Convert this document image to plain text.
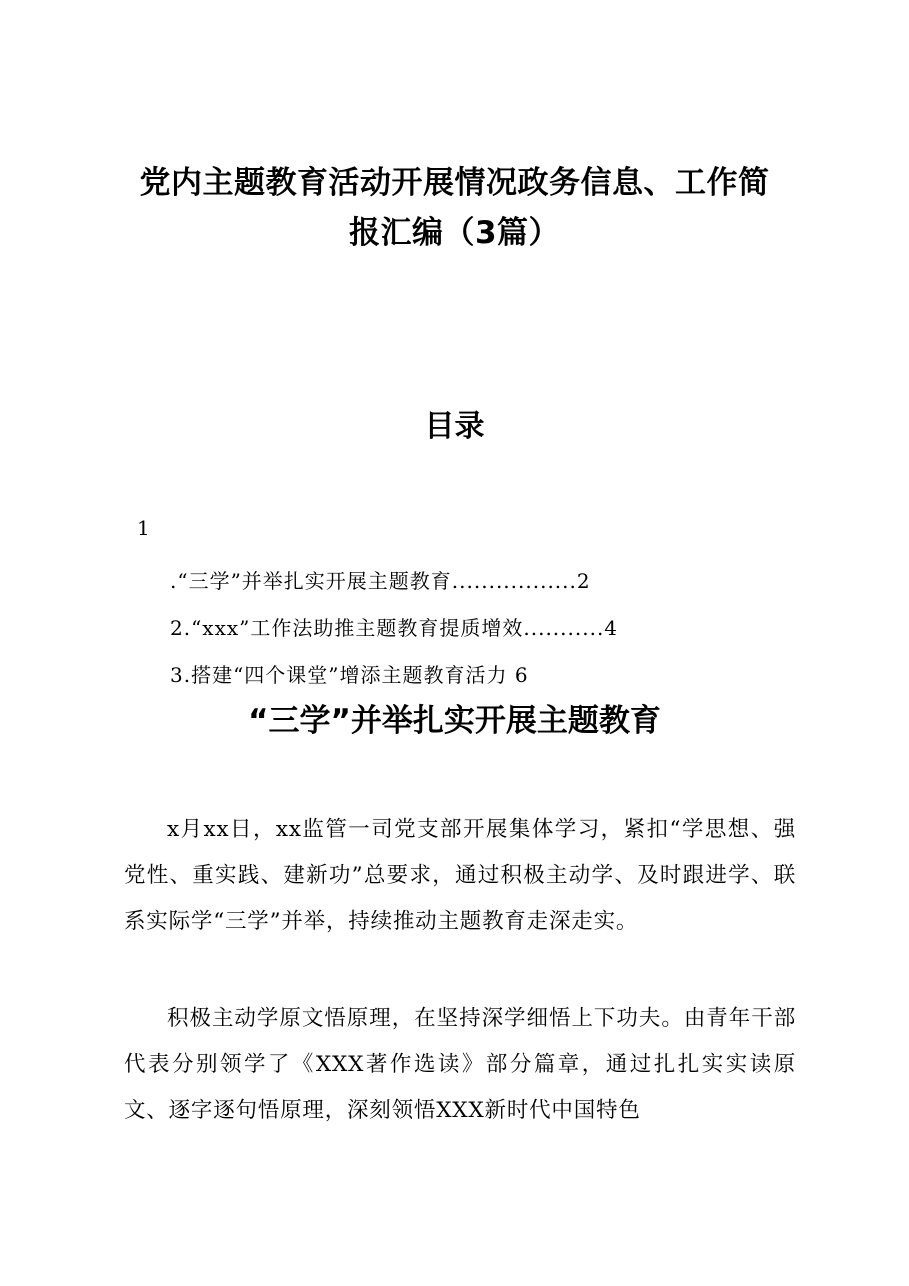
党内主题教育活动开展情况政务信息、工作简
报汇编（3篇）
目录
1
.“三学”并举扎实开展主题教育.................2
2.“xxx”工作法助推主题教育提质增效...........4
3.搭建“四个课堂”增添主题教育活力 6
“三学”并举扎实开展主题教育

x月xx日，xx监管一司党支部开展集体学习，紧扣“学思想、强党性、重实践、建新功”总要求，通过积极主动学、及时跟进学、联系实际学“三学”并举，持续推动主题教育走深走实。

积极主动学原文悟原理，在坚持深学细悟上下功夫。由青年干部代表分别领学了《XXX著作选读》部分篇章，通过扎扎实实读原文、逐字逐句悟原理，深刻领悟XXX新时代中国特色
